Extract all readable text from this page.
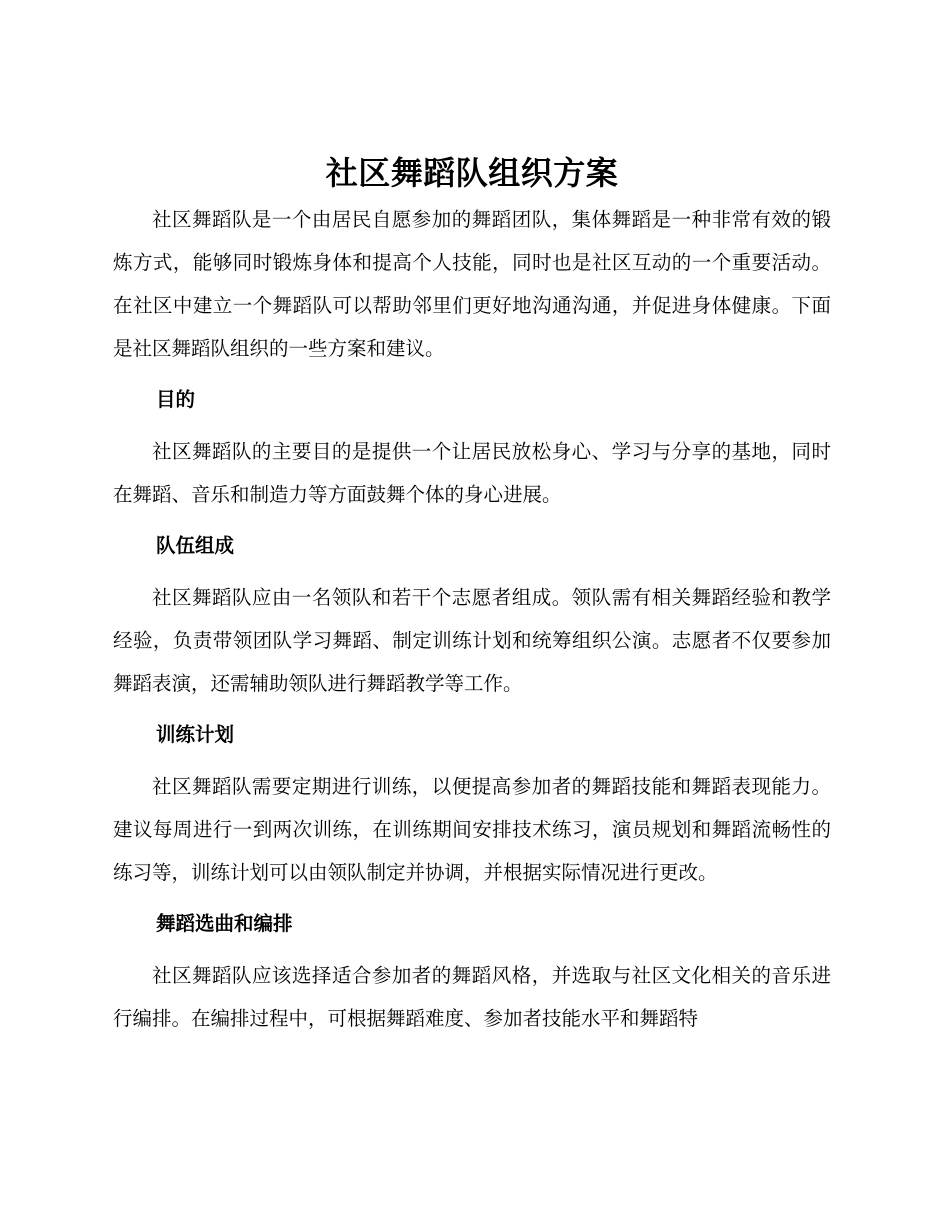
社区舞蹈队组织方案

社区舞蹈队是一个由居民自愿参加的舞蹈团队，集体舞蹈是一种非常有效的锻炼方式，能够同时锻炼身体和提高个人技能，同时也是社区互动的一个重要活动。在社区中建立一个舞蹈队可以帮助邻里们更好地沟通沟通，并促进身体健康。下面是社区舞蹈队组织的一些方案和建议。

目的

社区舞蹈队的主要目的是提供一个让居民放松身心、学习与分享的基地，同时在舞蹈、音乐和制造力等方面鼓舞个体的身心进展。

队伍组成

社区舞蹈队应由一名领队和若干个志愿者组成。领队需有相关舞蹈经验和教学经验，负责带领团队学习舞蹈、制定训练计划和统筹组织公演。志愿者不仅要参加舞蹈表演，还需辅助领队进行舞蹈教学等工作。

训练计划

社区舞蹈队需要定期进行训练，以便提高参加者的舞蹈技能和舞蹈表现能力。建议每周进行一到两次训练，在训练期间安排技术练习，演员规划和舞蹈流畅性的练习等，训练计划可以由领队制定并协调，并根据实际情况进行更改。

舞蹈选曲和编排

社区舞蹈队应该选择适合参加者的舞蹈风格，并选取与社区文化相关的音乐进行编排。在编排过程中，可根据舞蹈难度、参加者技能水平和舞蹈特
